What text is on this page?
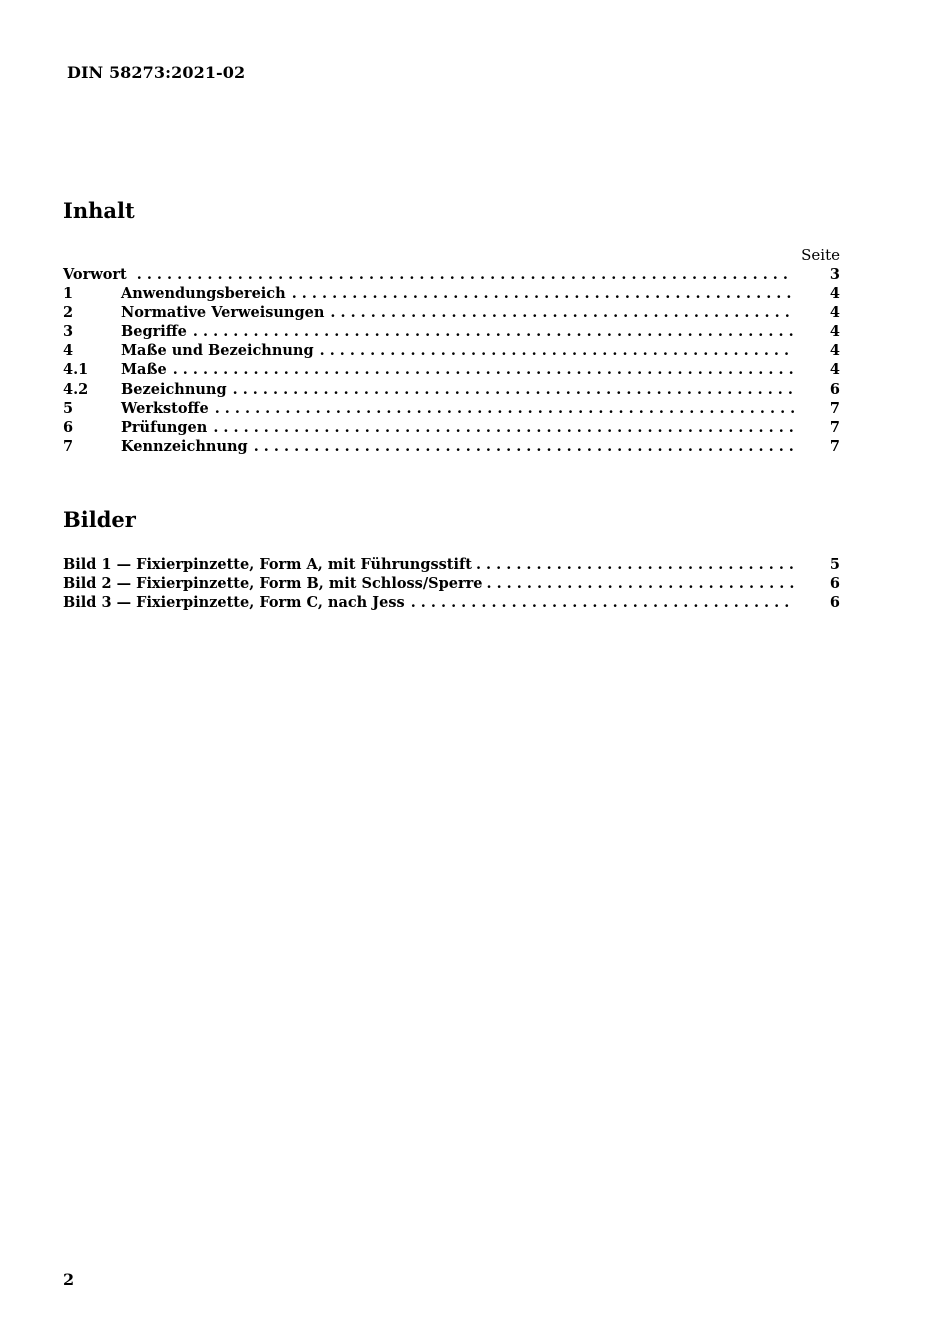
DIN 58273:2021-02
Inhalt
Seite
Vorwort . . .	3
1	Anwendungsbereich . . .	4
2	Normative Verweisungen . . .	4
3	Begriffe . . .	4
4	Maße und Bezeichnung . . .	4
4.1	Maße . . .	4
4.2	Bezeichnung . . .	6
5	Werkstoffe . . .	7
6	Prüfungen . . .	7
7	Kennzeichnung . . .	7
Bilder
Bild 1 — Fixierpinzette, Form A, mit Führungsstift . . .	5
Bild 2 — Fixierpinzette, Form B, mit Schloss/Sperre . . .	6
Bild 3 — Fixierpinzette, Form C, nach Jess . . .	6
2
